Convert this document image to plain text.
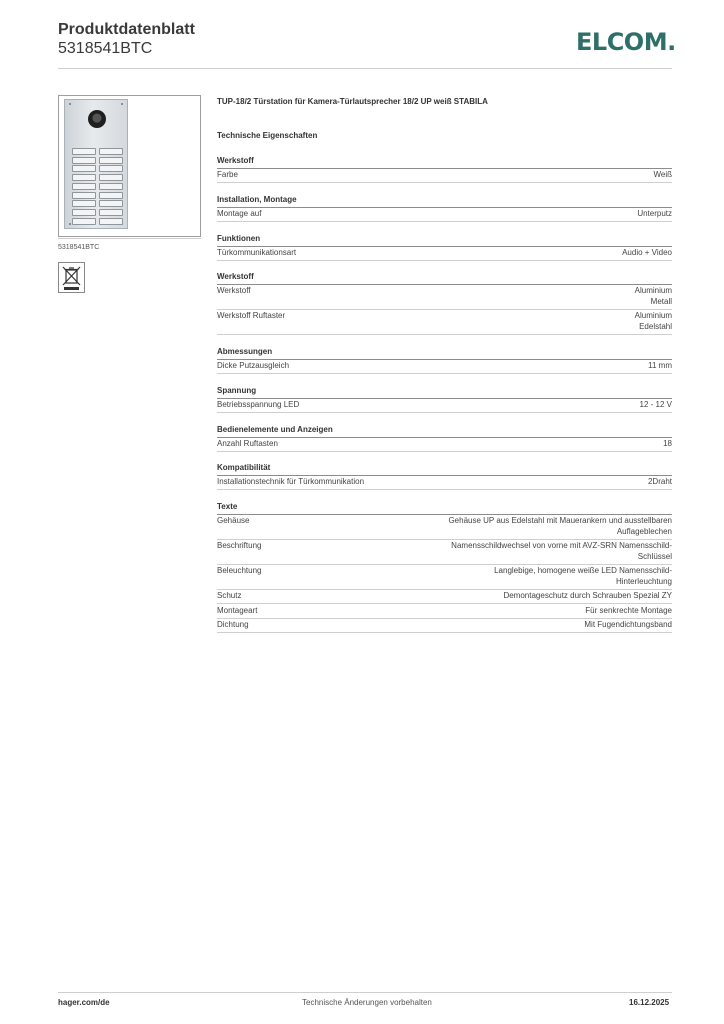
Produktdatenblatt
5318541BTC	ELCOM.
5318541BTC
TUP-18/2 Türstation für Kamera-Türlautsprecher 18/2 UP weiß STABILA
Technische Eigenschaften
Werkstoff
Farbe	Weiß
Installation, Montage
Montage auf	Unterputz
Funktionen
Türkommunikationsart	Audio + Video
Werkstoff
Werkstoff	Aluminium
Metall
Werkstoff Ruftaster	Aluminium
Edelstahl
Abmessungen
Dicke Putzausgleich	11 mm
Spannung
Betriebsspannung LED	12 - 12 V
Bedienelemente und Anzeigen
Anzahl Ruftasten	18
Kompatibilität
Installationstechnik für Türkommunikation	2Draht
Texte
Gehäuse	Gehäuse UP aus Edelstahl mit Mauerankern und ausstellbaren
Auflageblechen
Beschriftung	Namensschildwechsel von vorne mit AVZ-SRN Namensschild-
Schlüssel
Beleuchtung	Langlebige, homogene weiße LED Namensschild-
Hinterleuchtung
Schutz	Demontageschutz durch Schrauben Spezial ZY
Montageart	Für senkrechte Montage
Dichtung	Mit Fugendichtungsband
hager.com/de	Technische Änderungen vorbehalten	16.12.2025
